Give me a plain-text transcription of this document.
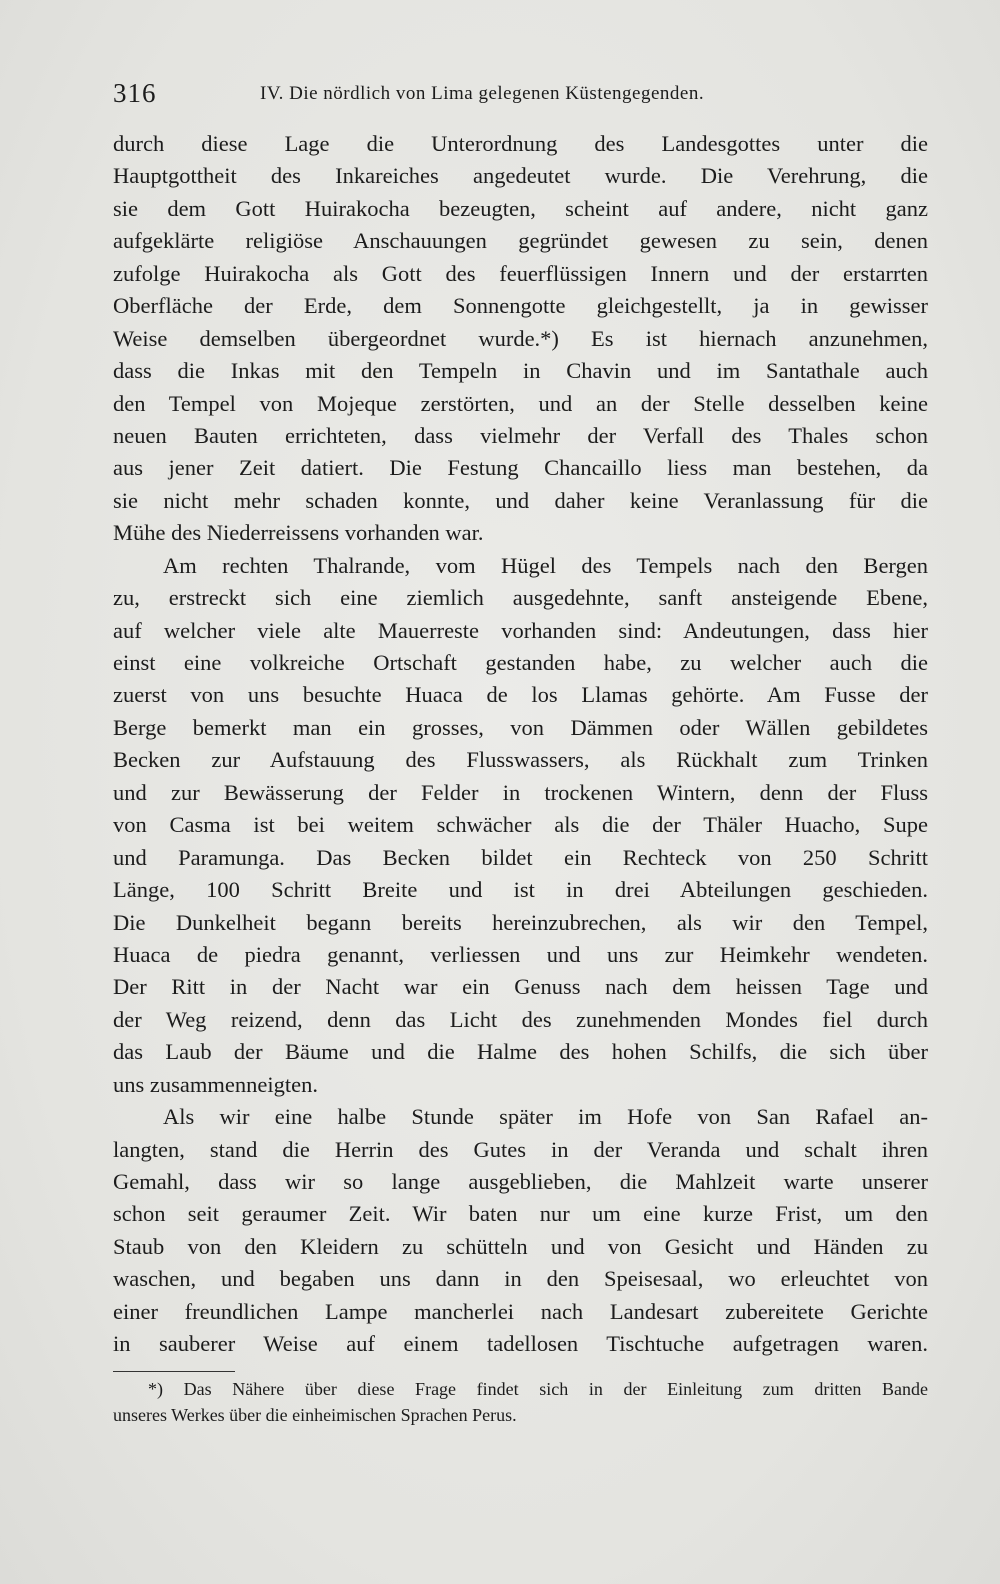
316	IV. Die nördlich von Lima gelegenen Küstengegenden.
durch diese Lage die Unterordnung des Landesgottes unter die
Hauptgottheit des Inkareiches angedeutet wurde. Die Verehrung, die
sie dem Gott Huirakocha bezeugten, scheint auf andere, nicht ganz
aufgeklärte religiöse Anschauungen gegründet gewesen zu sein, denen
zufolge Huirakocha als Gott des feuerflüssigen Innern und der erstarrten
Oberfläche der Erde, dem Sonnengotte gleichgestellt, ja in gewisser
Weise demselben übergeordnet wurde.*) Es ist hiernach anzunehmen,
dass die Inkas mit den Tempeln in Chavin und im Santathale auch
den Tempel von Mojeque zerstörten, und an der Stelle desselben keine
neuen Bauten errichteten, dass vielmehr der Verfall des Thales schon
aus jener Zeit datiert. Die Festung Chancaillo liess man bestehen, da
sie nicht mehr schaden konnte, und daher keine Veranlassung für die
Mühe des Niederreissens vorhanden war.
Am rechten Thalrande, vom Hügel des Tempels nach den Bergen
zu, erstreckt sich eine ziemlich ausgedehnte, sanft ansteigende Ebene,
auf welcher viele alte Mauerreste vorhanden sind: Andeutungen, dass hier
einst eine volkreiche Ortschaft gestanden habe, zu welcher auch die
zuerst von uns besuchte Huaca de los Llamas gehörte. Am Fusse der
Berge bemerkt man ein grosses, von Dämmen oder Wällen gebildetes
Becken zur Aufstauung des Flusswassers, als Rückhalt zum Trinken
und zur Bewässerung der Felder in trockenen Wintern, denn der Fluss
von Casma ist bei weitem schwächer als die der Thäler Huacho, Supe
und Paramunga. Das Becken bildet ein Rechteck von 250 Schritt
Länge, 100 Schritt Breite und ist in drei Abteilungen geschieden.
Die Dunkelheit begann bereits hereinzubrechen, als wir den Tempel,
Huaca de piedra genannt, verliessen und uns zur Heimkehr wendeten.
Der Ritt in der Nacht war ein Genuss nach dem heissen Tage und
der Weg reizend, denn das Licht des zunehmenden Mondes fiel durch
das Laub der Bäume und die Halme des hohen Schilfs, die sich über
uns zusammenneigten.
Als wir eine halbe Stunde später im Hofe von San Rafael an-
langten, stand die Herrin des Gutes in der Veranda und schalt ihren
Gemahl, dass wir so lange ausgeblieben, die Mahlzeit warte unserer
schon seit geraumer Zeit. Wir baten nur um eine kurze Frist, um den
Staub von den Kleidern zu schütteln und von Gesicht und Händen zu
waschen, und begaben uns dann in den Speisesaal, wo erleuchtet von
einer freundlichen Lampe mancherlei nach Landesart zubereitete Gerichte
in sauberer Weise auf einem tadellosen Tischtuche aufgetragen waren.
*) Das Nähere über diese Frage findet sich in der Einleitung zum dritten Bande
unseres Werkes über die einheimischen Sprachen Perus.
